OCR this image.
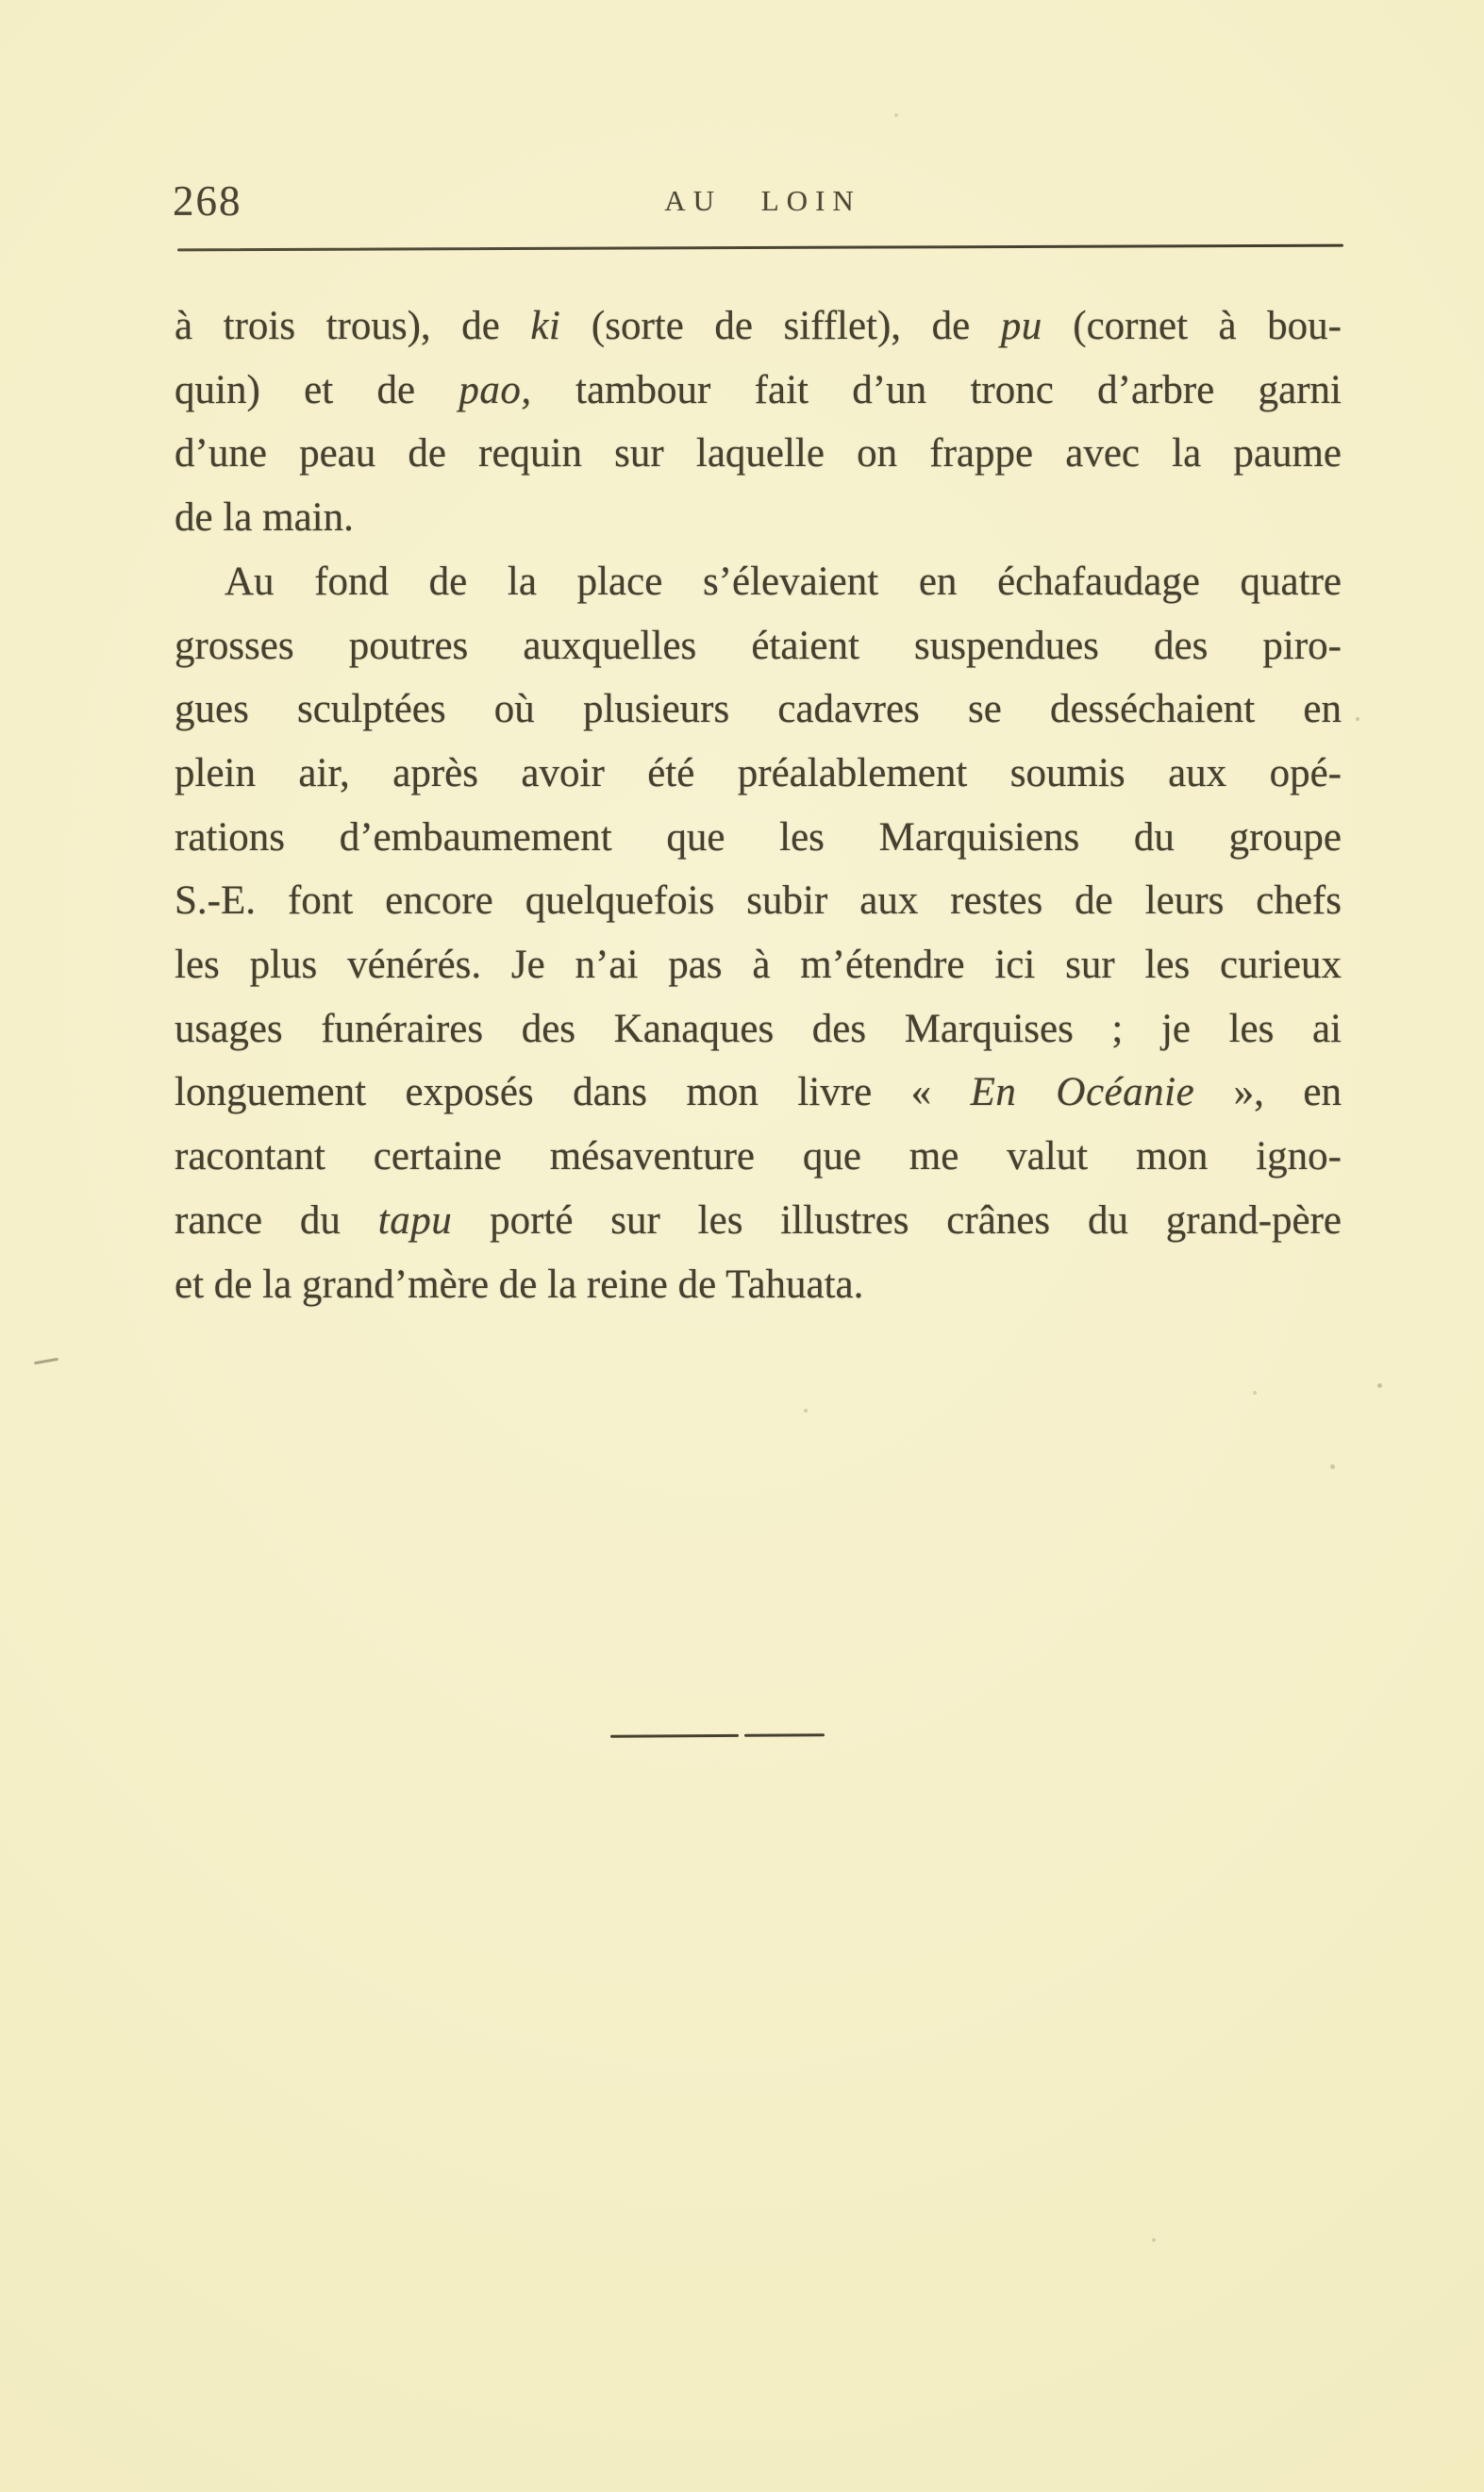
268	AU LOIN
à trois trous), de ki (sorte de sifflet), de pu (cornet à bou-
quin) et de pao, tambour fait d’un tronc d’arbre garni
d’une peau de requin sur laquelle on frappe avec la paume
de la main.
Au fond de la place s’élevaient en échafaudage quatre
grosses poutres auxquelles étaient suspendues des piro-
gues sculptées où plusieurs cadavres se desséchaient en
plein air, après avoir été préalablement soumis aux opé-
rations d’embaumement que les Marquisiens du groupe
S.-E. font encore quelquefois subir aux restes de leurs chefs
les plus vénérés. Je n’ai pas à m’étendre ici sur les curieux
usages funéraires des Kanaques des Marquises ; je les ai
longuement exposés dans mon livre « En Océanie », en
racontant certaine mésaventure que me valut mon igno-
rance du tapu porté sur les illustres crânes du grand-père
et de la grand’mère de la reine de Tahuata.
